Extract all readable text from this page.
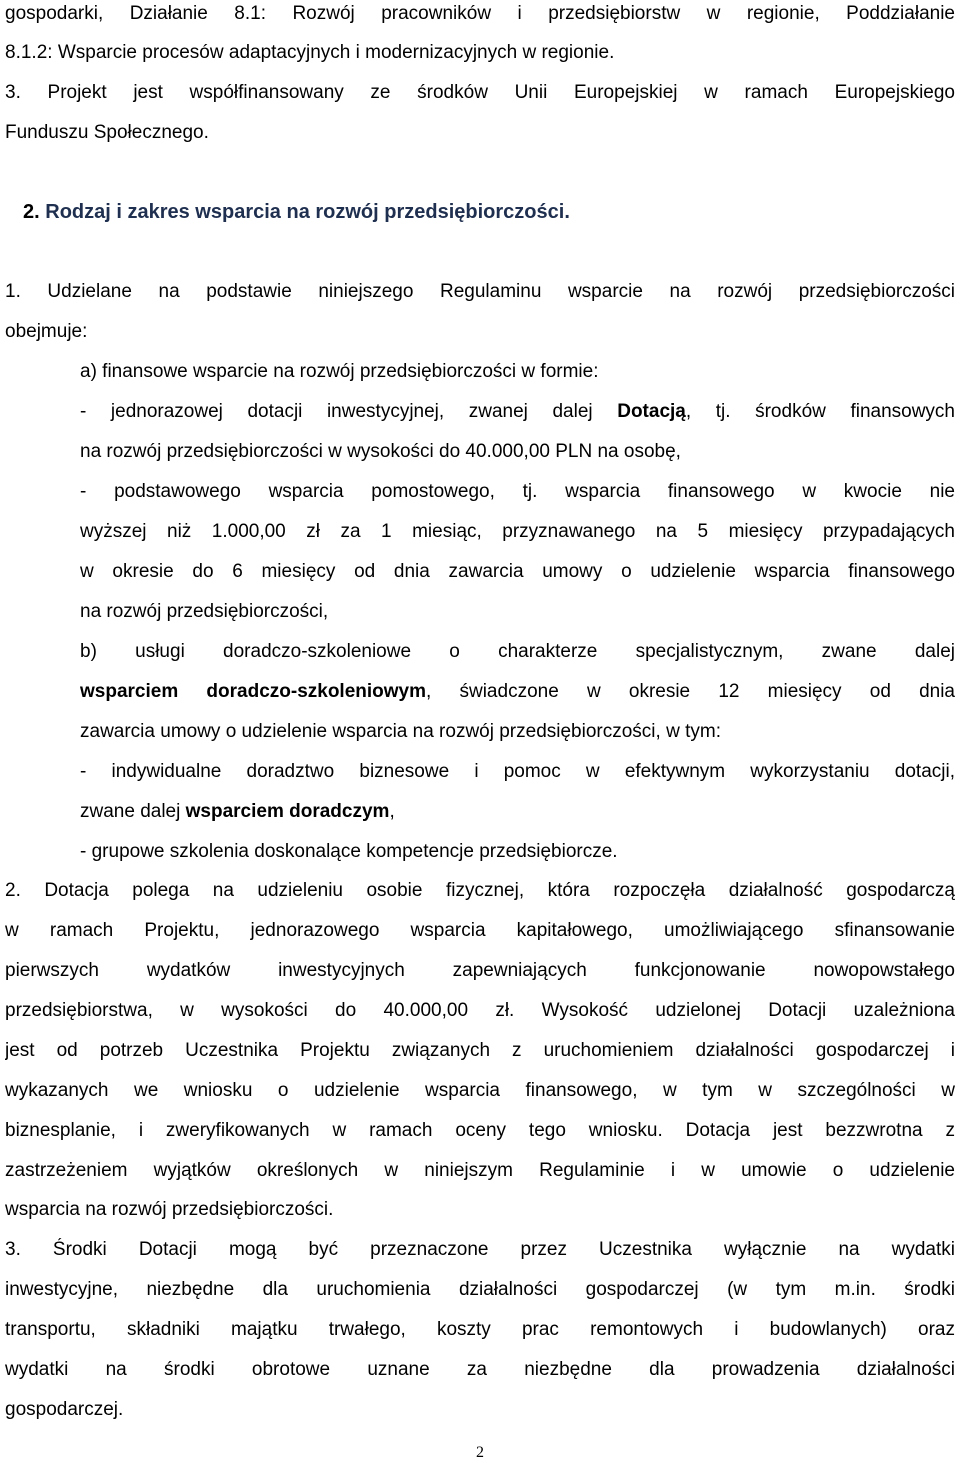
gospodarki, Działanie 8.1: Rozwój pracowników i przedsiębiorstw w regionie, Poddziałanie
8.1.2: Wsparcie procesów adaptacyjnych i modernizacyjnych w regionie.
3. Projekt jest współfinansowany ze środków Unii Europejskiej w ramach Europejskiego
Funduszu Społecznego.
2. Rodzaj i zakres wsparcia na rozwój przedsiębiorczości.
1. Udzielane na podstawie niniejszego Regulaminu wsparcie na rozwój przedsiębiorczości
obejmuje:
a) finansowe wsparcie na rozwój przedsiębiorczości w formie:
- jednorazowej dotacji inwestycyjnej, zwanej dalej Dotacją, tj. środków finansowych
na rozwój przedsiębiorczości w wysokości do 40.000,00 PLN na osobę,
- podstawowego wsparcia pomostowego, tj. wsparcia finansowego w kwocie nie
wyższej niż 1.000,00 zł za 1 miesiąc, przyznawanego na 5 miesięcy przypadających
w okresie do 6 miesięcy od dnia zawarcia umowy o udzielenie wsparcia finansowego
na rozwój przedsiębiorczości,
b) usługi doradczo-szkoleniowe o charakterze specjalistycznym, zwane dalej
wsparciem doradczo-szkoleniowym, świadczone w okresie 12 miesięcy od dnia
zawarcia umowy o udzielenie wsparcia na rozwój przedsiębiorczości, w tym:
- indywidualne doradztwo biznesowe i pomoc w efektywnym wykorzystaniu dotacji,
zwane dalej wsparciem doradczym,
- grupowe szkolenia doskonalące kompetencje przedsiębiorcze.
2. Dotacja polega na udzieleniu osobie fizycznej, która rozpoczęła działalność gospodarczą
w ramach Projektu, jednorazowego wsparcia kapitałowego, umożliwiającego sfinansowanie
pierwszych wydatków inwestycyjnych zapewniających funkcjonowanie nowopowstałego
przedsiębiorstwa, w wysokości do 40.000,00 zł. Wysokość udzielonej Dotacji uzależniona
jest od potrzeb Uczestnika Projektu związanych z uruchomieniem działalności gospodarczej i
wykazanych we wniosku o udzielenie wsparcia finansowego, w tym w szczególności w
biznesplanie, i zweryfikowanych w ramach oceny tego wniosku. Dotacja jest bezzwrotna z
zastrzeżeniem wyjątków określonych w niniejszym Regulaminie i w umowie o udzielenie
wsparcia na rozwój przedsiębiorczości.
3. Środki Dotacji mogą być przeznaczone przez Uczestnika wyłącznie na wydatki
inwestycyjne, niezbędne dla uruchomienia działalności gospodarczej (w tym m.in. środki
transportu, składniki majątku trwałego, koszty prac remontowych i budowlanych) oraz
wydatki na środki obrotowe uznane za niezbędne dla prowadzenia działalności
gospodarczej.
2
